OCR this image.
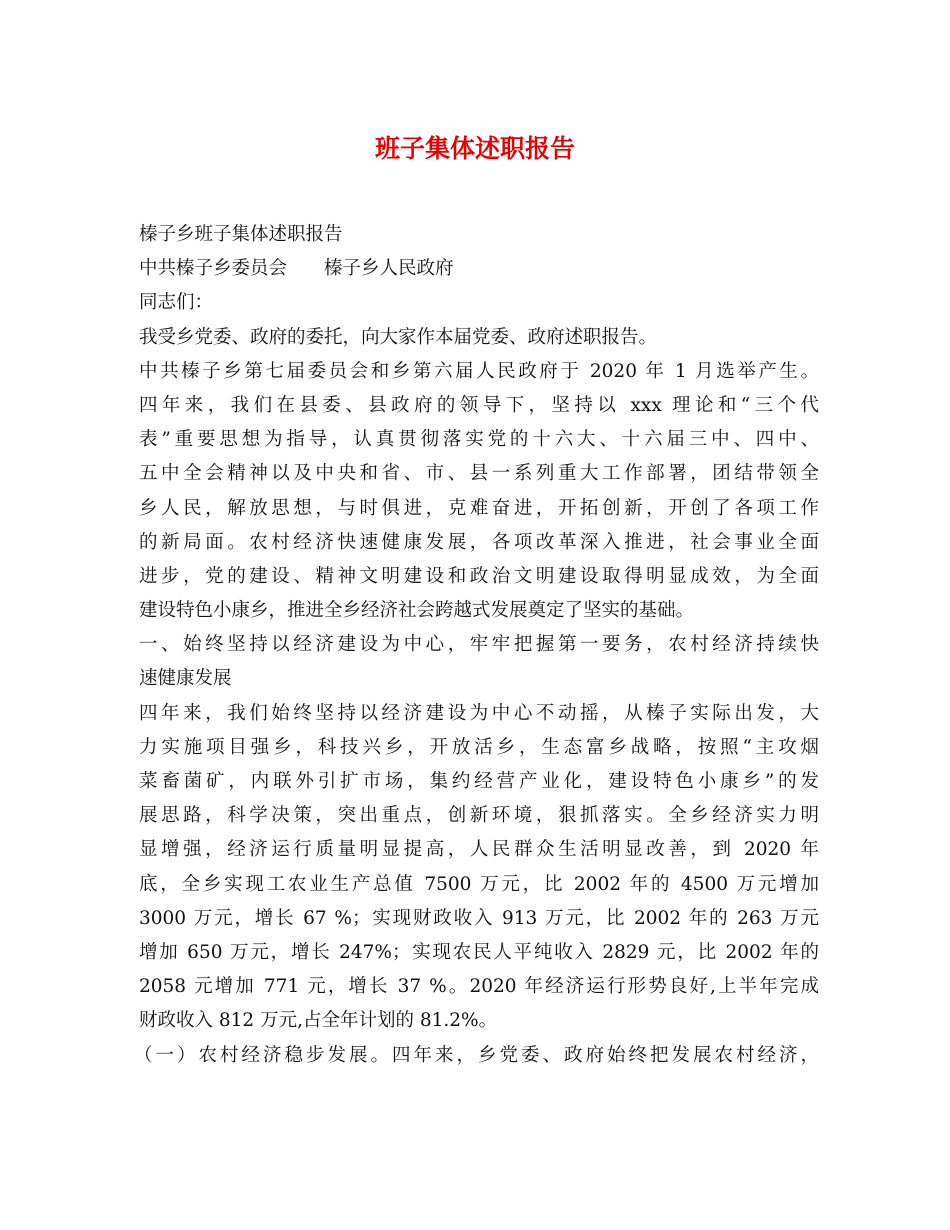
班子集体述职报告
榛子乡班子集体述职报告
中共榛子乡委员会　　榛子乡人民政府
同志们：
我受乡党委、政府的委托，向大家作本届党委、政府述职报告。
中共榛子乡第七届委员会和乡第六届人民政府于 2020 年 1 月选举产生。
四年来，我们在县委、县政府的领导下，坚持以 xxx 理论和“三个代
表”重要思想为指导，认真贯彻落实党的十六大、十六届三中、四中、
五中全会精神以及中央和省、市、县一系列重大工作部署，团结带领全
乡人民，解放思想，与时俱进，克难奋进，开拓创新，开创了各项工作
的新局面。农村经济快速健康发展，各项改革深入推进，社会事业全面
进步，党的建设、精神文明建设和政治文明建设取得明显成效，为全面
建设特色小康乡，推进全乡经济社会跨越式发展奠定了坚实的基础。
一、始终坚持以经济建设为中心，牢牢把握第一要务，农村经济持续快
速健康发展
四年来，我们始终坚持以经济建设为中心不动摇，从榛子实际出发，大
力实施项目强乡，科技兴乡，开放活乡，生态富乡战略，按照“主攻烟
菜畜菌矿，内联外引扩市场，集约经营产业化，建设特色小康乡”的发
展思路，科学决策，突出重点，创新环境，狠抓落实。全乡经济实力明
显增强，经济运行质量明显提高，人民群众生活明显改善，到 2020 年
底，全乡实现工农业生产总值 7500 万元，比 2002 年的 4500 万元增加
3000 万元，增长 67 %；实现财政收入 913 万元，比 2002 年的 263 万元
增加 650 万元，增长 247%；实现农民人平纯收入 2829 元，比 2002 年的
2058 元增加 771 元，增长 37 %。2020 年经济运行形势良好,上半年完成
财政收入 812 万元,占全年计划的 81.2%。
（一）农村经济稳步发展。四年来，乡党委、政府始终把发展农村经济，
